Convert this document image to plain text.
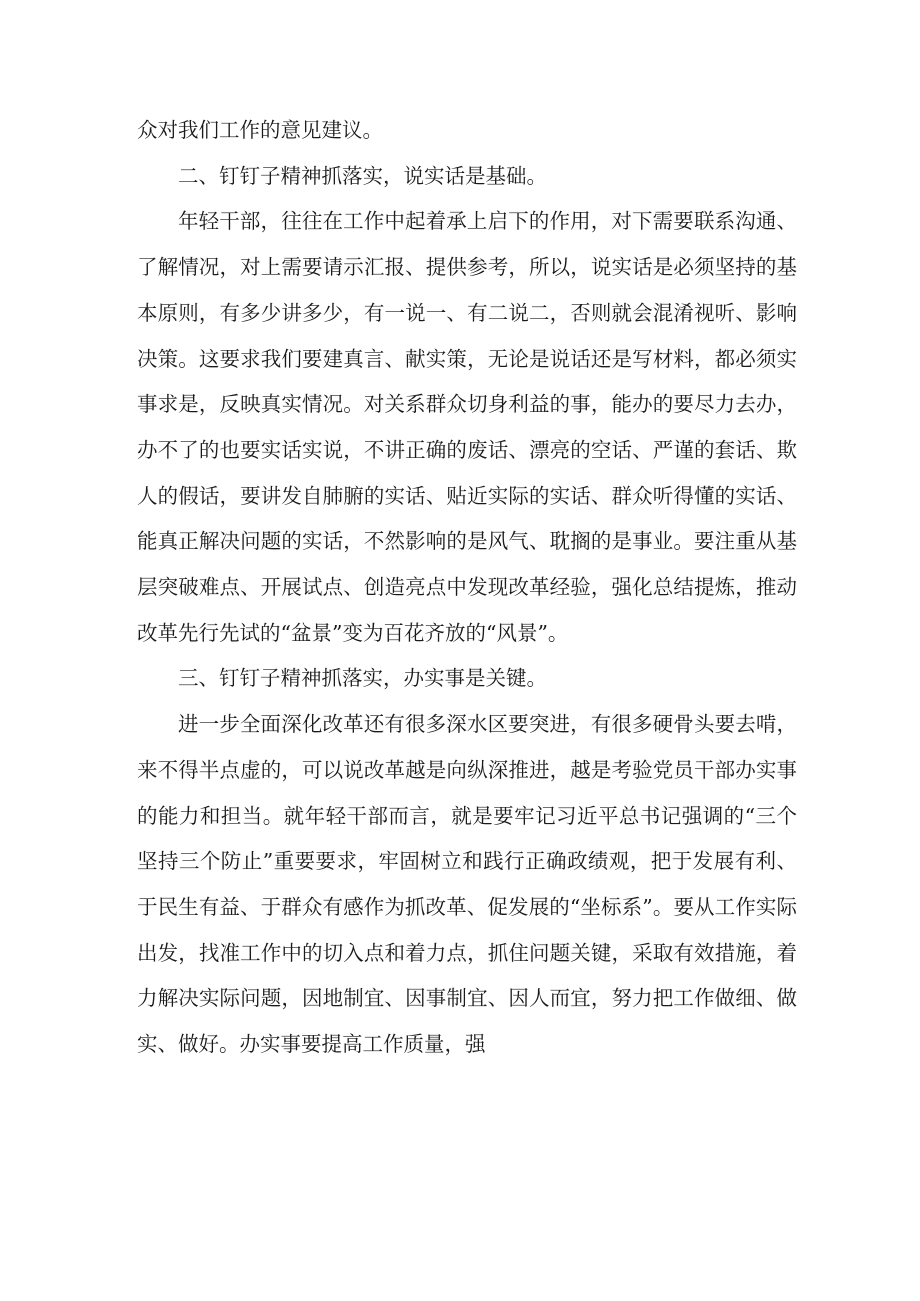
众对我们工作的意见建议。

二、钉钉子精神抓落实，说实话是基础。

年轻干部，往往在工作中起着承上启下的作用，对下需要联系沟通、了解情况，对上需要请示汇报、提供参考，所以，说实话是必须坚持的基本原则，有多少讲多少，有一说一、有二说二，否则就会混淆视听、影响决策。这要求我们要建真言、献实策，无论是说话还是写材料，都必须实事求是，反映真实情况。对关系群众切身利益的事，能办的要尽力去办，办不了的也要实话实说，不讲正确的废话、漂亮的空话、严谨的套话、欺人的假话，要讲发自肺腑的实话、贴近实际的实话、群众听得懂的实话、能真正解决问题的实话，不然影响的是风气、耽搁的是事业。要注重从基层突破难点、开展试点、创造亮点中发现改革经验，强化总结提炼，推动改革先行先试的“盆景”变为百花齐放的“风景”。

三、钉钉子精神抓落实，办实事是关键。

进一步全面深化改革还有很多深水区要突进，有很多硬骨头要去啃，来不得半点虚的，可以说改革越是向纵深推进，越是考验党员干部办实事的能力和担当。就年轻干部而言，就是要牢记习近平总书记强调的“三个坚持三个防止”重要要求，牢固树立和践行正确政绩观，把于发展有利、于民生有益、于群众有感作为抓改革、促发展的“坐标系”。要从工作实际出发，找准工作中的切入点和着力点，抓住问题关键，采取有效措施，着力解决实际问题，因地制宜、因事制宜、因人而宜，努力把工作做细、做实、做好。办实事要提高工作质量，强
